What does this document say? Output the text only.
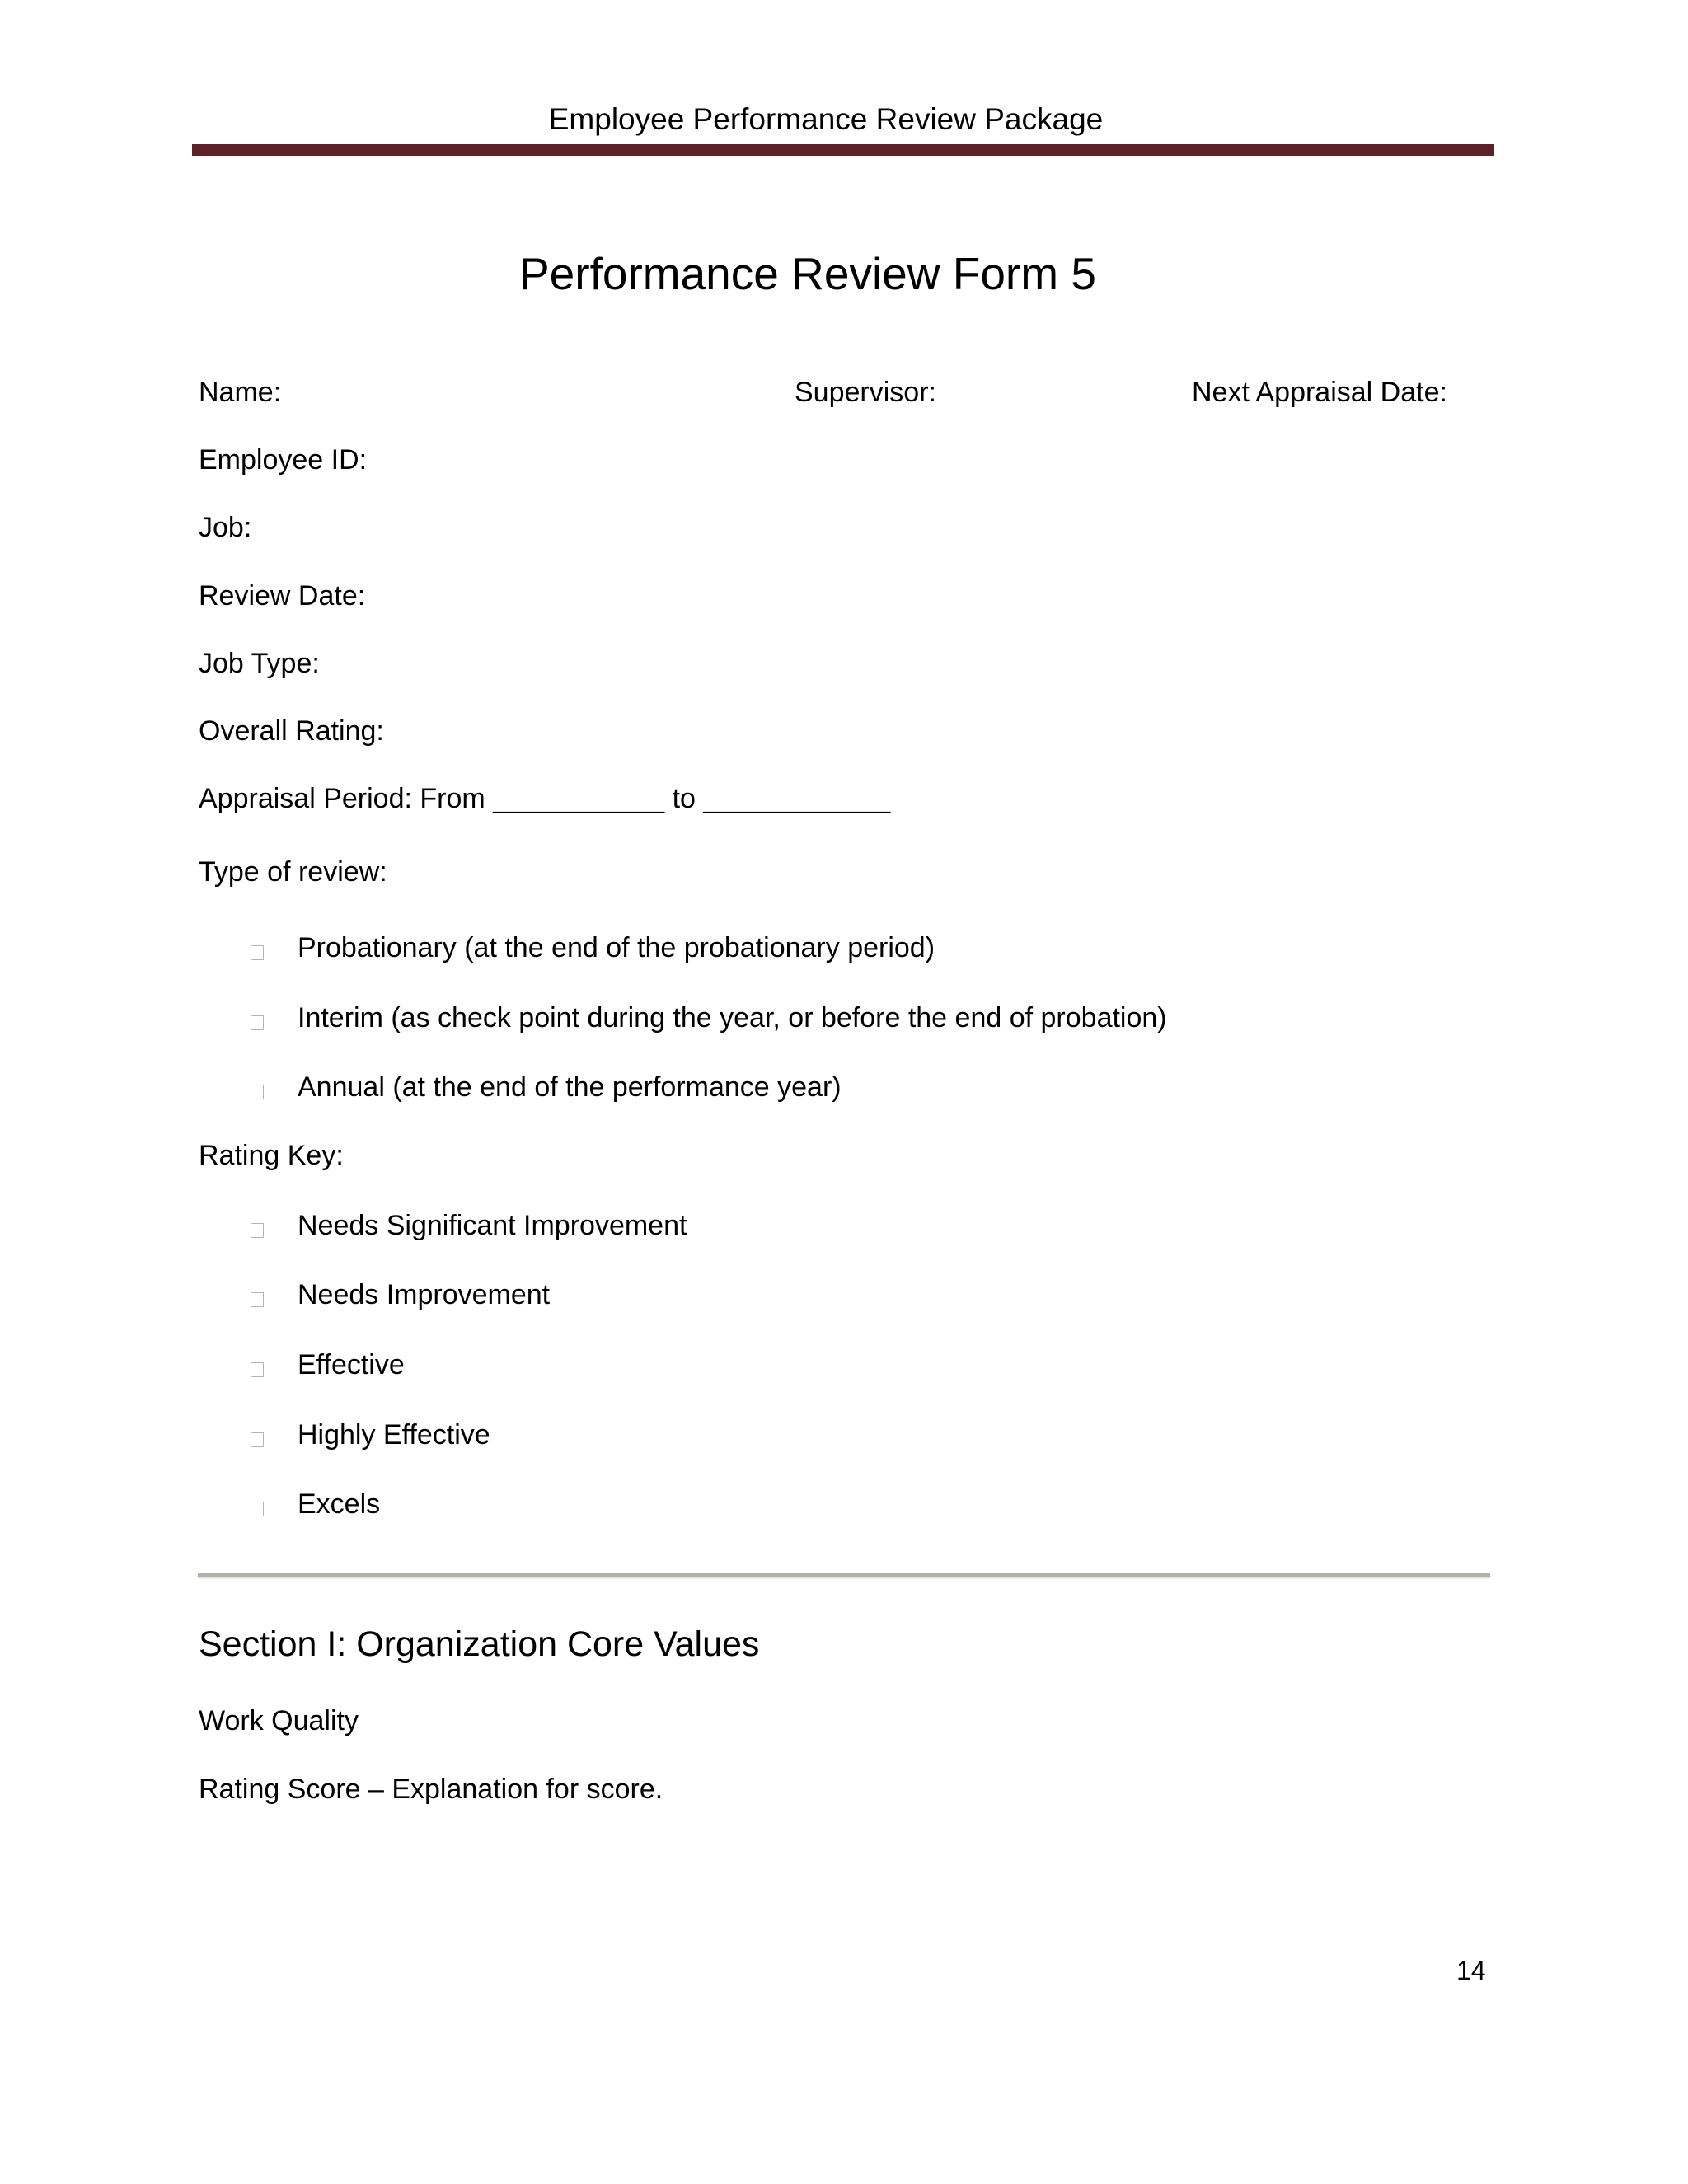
Employee Performance Review Package
Performance Review Form 5
Name:	Supervisor:	Next Appraisal Date:
Employee ID:
Job:
Review Date:
Job Type:
Overall Rating:
Appraisal Period: From ___________ to ____________
Type of review:
Probationary (at the end of the probationary period)
Interim (as check point during the year, or before the end of probation)
Annual (at the end of the performance year)
Rating Key:
Needs Significant Improvement
Needs Improvement
Effective
Highly Effective
Excels
Section I: Organization Core Values
Work Quality
Rating Score – Explanation for score.
14
